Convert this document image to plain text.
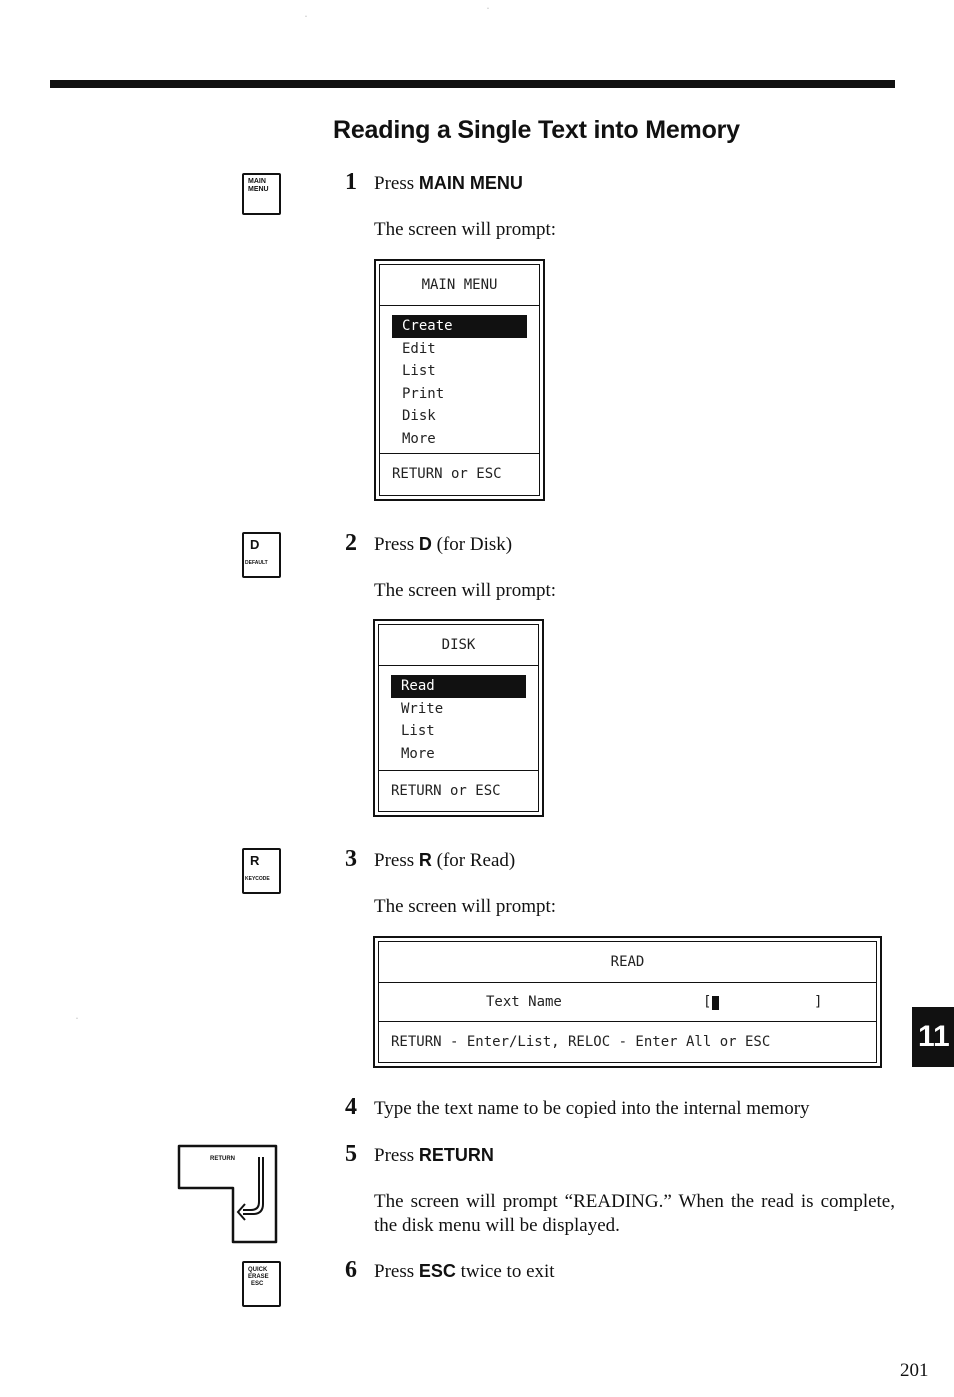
·
·
·
Reading a Single Text into Memory
MAIN
MENU	1 Press MAIN MENU
The screen will prompt:
MAIN MENU
Create
Edit
List
Print
Disk
More
RETURN or ESC
D
DEFAULT
2 Press D (for Disk)
The screen will prompt:
DISK
Read
Write
List
More
RETURN or ESC
R
KEYCODE
3 Press R (for Read)
The screen will prompt:
READ
Text Name	[	]
RETURN - Enter/List, RELOC - Enter All or ESC	11
4 Type the text name to be copied into the internal memory
RETURN	5 Press RETURN
The screen will prompt “READING.” When the read is complete, the disk menu will be displayed.
QUICK
ERASE
ESC
6 Press ESC twice to exit
201
